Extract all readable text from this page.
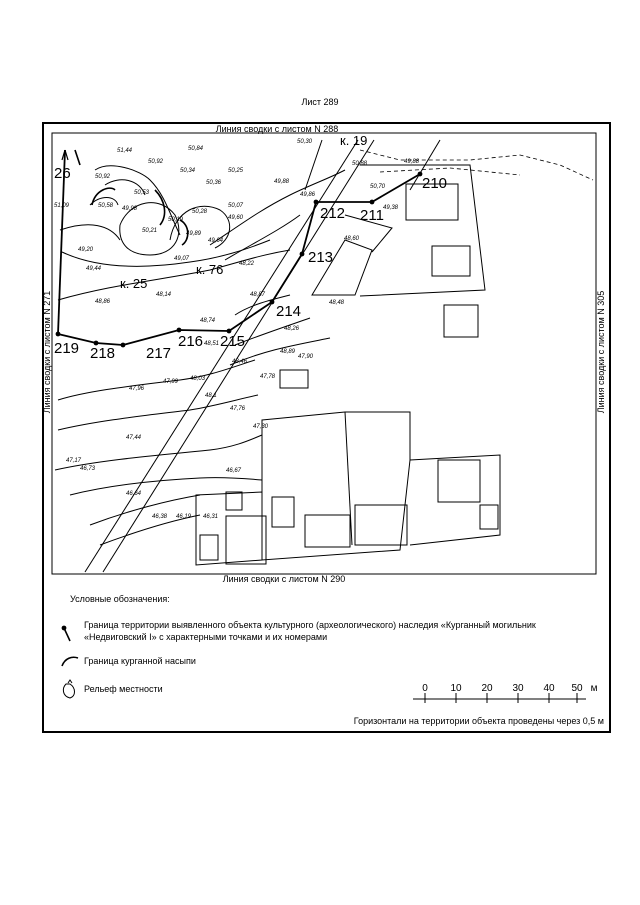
Лист 289
Линия сводки с листом N 288
Линия сводки с листом N 290
Линия сводки с листом N 271	Линия сводки с листом N 305
210
211
212
213
214
215
216
217
218
219
к. 19
к. 25
к. 76
26
51,44
50,92
50,84
50,30
50,92
50,34	50,25
49,88
50,53
50,36
49,98
50,58	50,07
50,28
50,21
50,19	49,60
49,89
49,64
49,38
48,60
49,20
49,07
48,22
49,44
48,14	48,87
48,48
48,86
48,74
48,26
48,51
48,89
47,90
48,46
47,78
47,99
47,96
48,03
48,1
47,76
47,30
47,44
47,17
46,73	46,67
46,64
46,38 46,19 46,31
50,88
50,70
49,88
51,09
49,86
Условные обозначения:
Граница территории выявленного объекта культурного (археологического) наследия «Курганный могильник «Недвиговский I» с характерными точками и их номерами
Граница курганной насыпи
Рельеф местности	0 10 20 30 40 50 м
Горизонтали на территории объекта проведены через 0,5 м
